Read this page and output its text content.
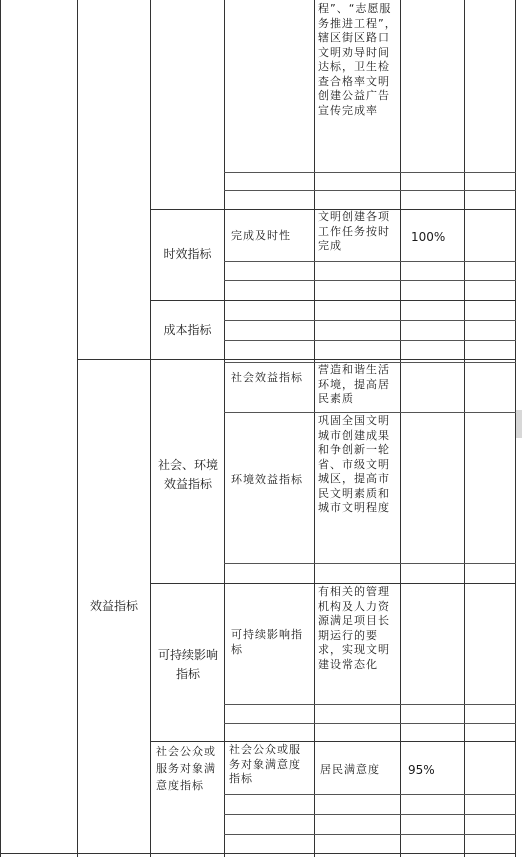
程”、“志愿服务推进工程”，辖区街区路口文明劝导时间达标，卫生检查合格率文明创建公益广告宣传完成率
时效指标
完成及时性
文明创建各项工作任务按时完成
100%
成本指标
效益指标
社会、环境效益指标
社会效益指标
营造和谐生活环境，提高居民素质
环境效益指标
巩固全国文明城市创建成果和争创新一轮省、市级文明城区，提高市民文明素质和城市文明程度
可持续影响指标
可持续影响指标
有相关的管理机构及人力资源满足项目长期运行的要求，实现文明建设常态化
社会公众或服务对象满意度指标
社会公众或服务对象满意度指标
居民满意度	95%
